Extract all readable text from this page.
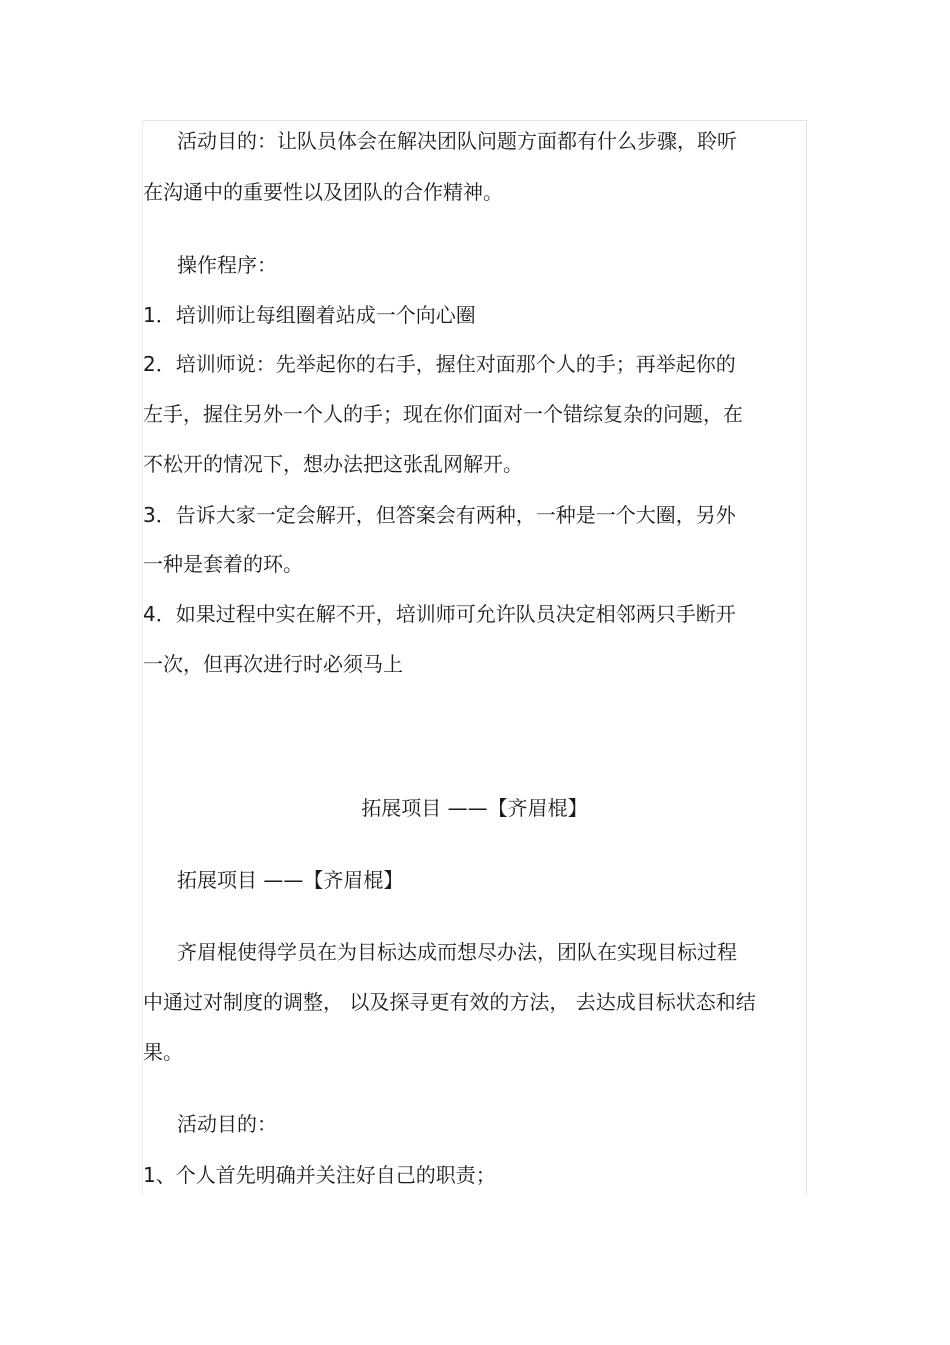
活动目的：让队员体会在解决团队问题方面都有什么步骤，聆听
在沟通中的重要性以及团队的合作精神。
操作程序：
1．培训师让每组圈着站成一个向心圈
2．培训师说：先举起你的右手，握住对面那个人的手；再举起你的
左手，握住另外一个人的手；现在你们面对一个错综复杂的问题，在
不松开的情况下，想办法把这张乱网解开。
3．告诉大家一定会解开，但答案会有两种，一种是一个大圈，另外
一种是套着的环。
4．如果过程中实在解不开，培训师可允许队员决定相邻两只手断开
一次，但再次进行时必须马上
拓展项目 ——【齐眉棍】
拓展项目 ——【齐眉棍】
齐眉棍使得学员在为目标达成而想尽办法，团队在实现目标过程
中通过对制度的调整， 以及探寻更有效的方法， 去达成目标状态和结
果。
活动目的：
1、个人首先明确并关注好自己的职责；
